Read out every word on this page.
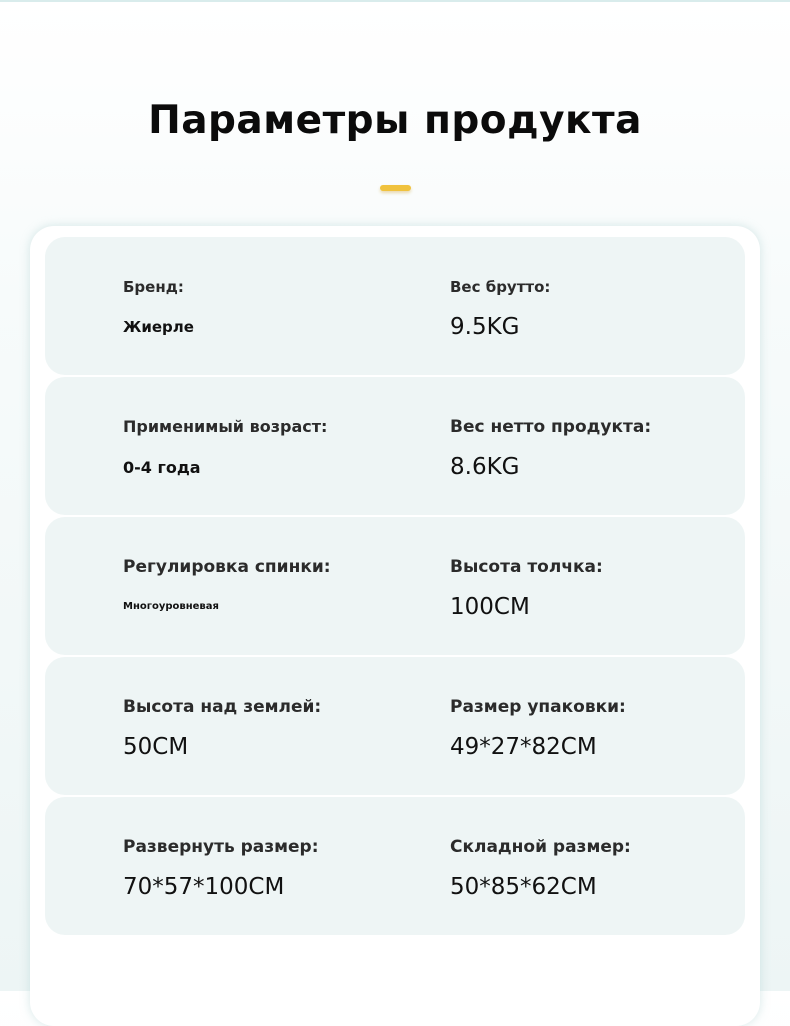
Параметры продукта
Бренд:
Жиерле
Вес брутто:
9.5KG
Применимый возраст:
0-4 года
Вес нетто продукта:
8.6KG
Регулировка спинки:
Многоуровневая
Высота толчка:
100CM
Высота над землей:
50CM
Размер упаковки:
49*27*82CM
Развернуть размер:
70*57*100CM
Складной размер:
50*85*62CM
